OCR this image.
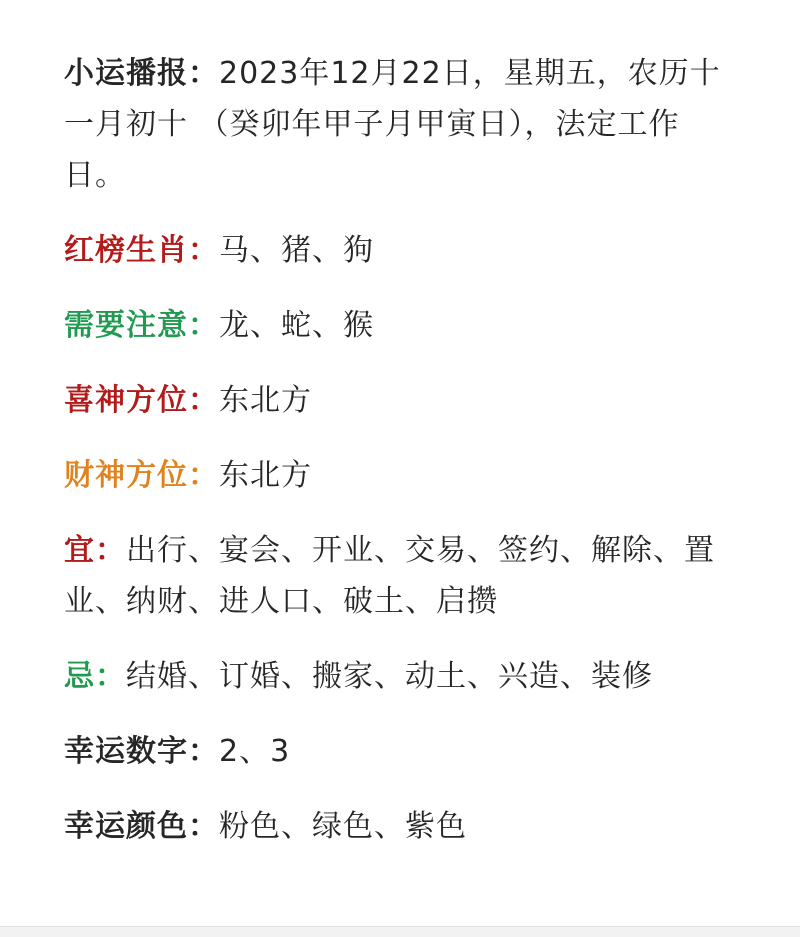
小运播报：2023年12月22日，星期五，农历十一月初十 （癸卯年甲子月甲寅日），法定工作日。

红榜生肖：马、猪、狗

需要注意：龙、蛇、猴

喜神方位：东北方

财神方位：东北方

宜：出行、宴会、开业、交易、签约、解除、置业、纳财、进人口、破土、启攒

忌：结婚、订婚、搬家、动土、兴造、装修

幸运数字：2、3

幸运颜色：粉色、绿色、紫色
